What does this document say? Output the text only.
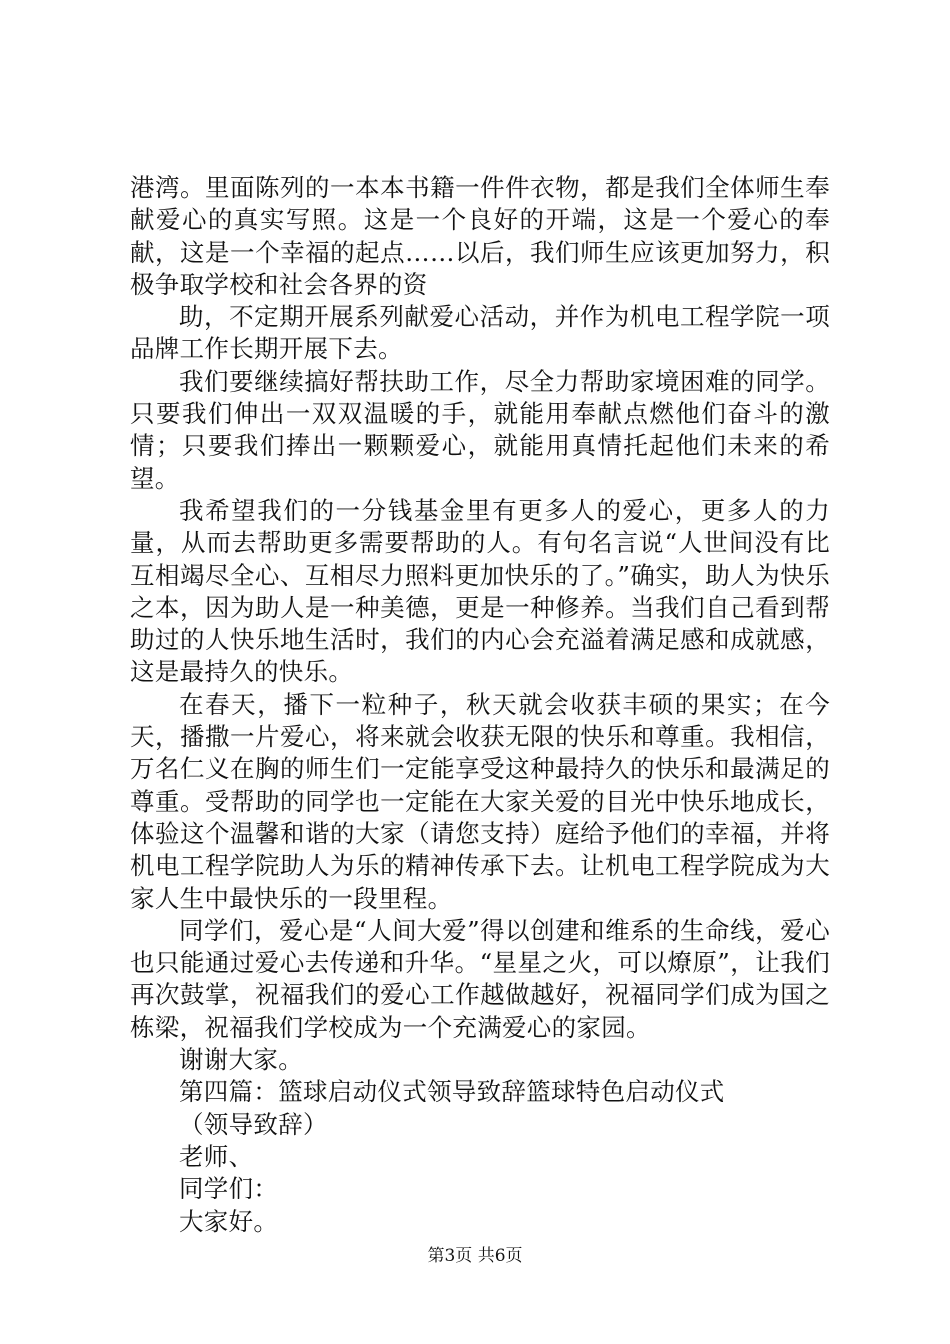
港湾。里面陈列的一本本书籍一件件衣物，都是我们全体师生奉献爱心的真实写照。这是一个良好的开端，这是一个爱心的奉献，这是一个幸福的起点……以后，我们师生应该更加努力，积极争取学校和社会各界的资

助，不定期开展系列献爱心活动，并作为机电工程学院一项品牌工作长期开展下去。

我们要继续搞好帮扶助工作，尽全力帮助家境困难的同学。只要我们伸出一双双温暖的手，就能用奉献点燃他们奋斗的激情；只要我们捧出一颗颗爱心，就能用真情托起他们未来的希望。

我希望我们的一分钱基金里有更多人的爱心，更多人的力量，从而去帮助更多需要帮助的人。有句名言说“人世间没有比互相竭尽全心、互相尽力照料更加快乐的了。”确实，助人为快乐之本，因为助人是一种美德，更是一种修养。当我们自己看到帮助过的人快乐地生活时，我们的内心会充溢着满足感和成就感，这是最持久的快乐。

在春天，播下一粒种子，秋天就会收获丰硕的果实；在今天，播撒一片爱心，将来就会收获无限的快乐和尊重。我相信，万名仁义在胸的师生们一定能享受这种最持久的快乐和最满足的尊重。受帮助的同学也一定能在大家关爱的目光中快乐地成长，体验这个温馨和谐的大家（请您支持）庭给予他们的幸福，并将机电工程学院助人为乐的精神传承下去。让机电工程学院成为大家人生中最快乐的一段里程。

同学们，爱心是“人间大爱”得以创建和维系的生命线，爱心也只能通过爱心去传递和升华。“星星之火，可以燎原”，让我们再次鼓掌，祝福我们的爱心工作越做越好，祝福同学们成为国之栋梁，祝福我们学校成为一个充满爱心的家园。

谢谢大家。

第四篇：篮球启动仪式领导致辞篮球特色启动仪式

（领导致辞）

老师、

同学们：

大家好。

第3页 共6页
